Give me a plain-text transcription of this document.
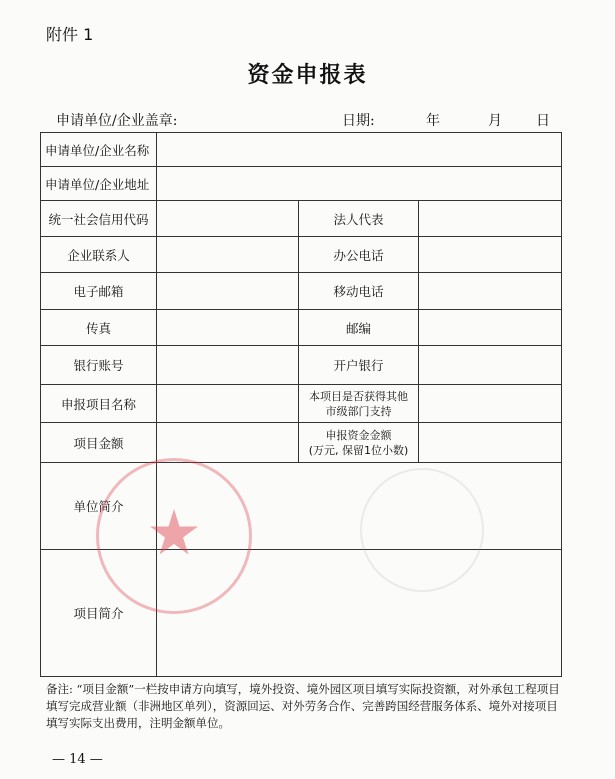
附件 1
资金申报表
申请单位/企业盖章:	日期:	年	月 日
申请单位/企业名称			
申请单位/企业地址			
统一社会信用代码		法人代表	
企业联系人		办公电话	
电子邮箱		移动电话	
传真		邮编	
银行账号		开户银行	
申报项目名称		本项目是否获得其他
市级部门支持	

项目金额		申报资金金额
(万元, 保留1位小数)	

单位简介			
项目简介			
备注: “项目金额”一栏按申请方向填写，境外投资、境外园区项目填写实际投资额，对外承包工程项目填写完成营业额（非洲地区单列），资源回运、对外劳务合作、完善跨国经营服务体系、境外对接项目填写实际支出费用，注明金额单位。
— 14 —
